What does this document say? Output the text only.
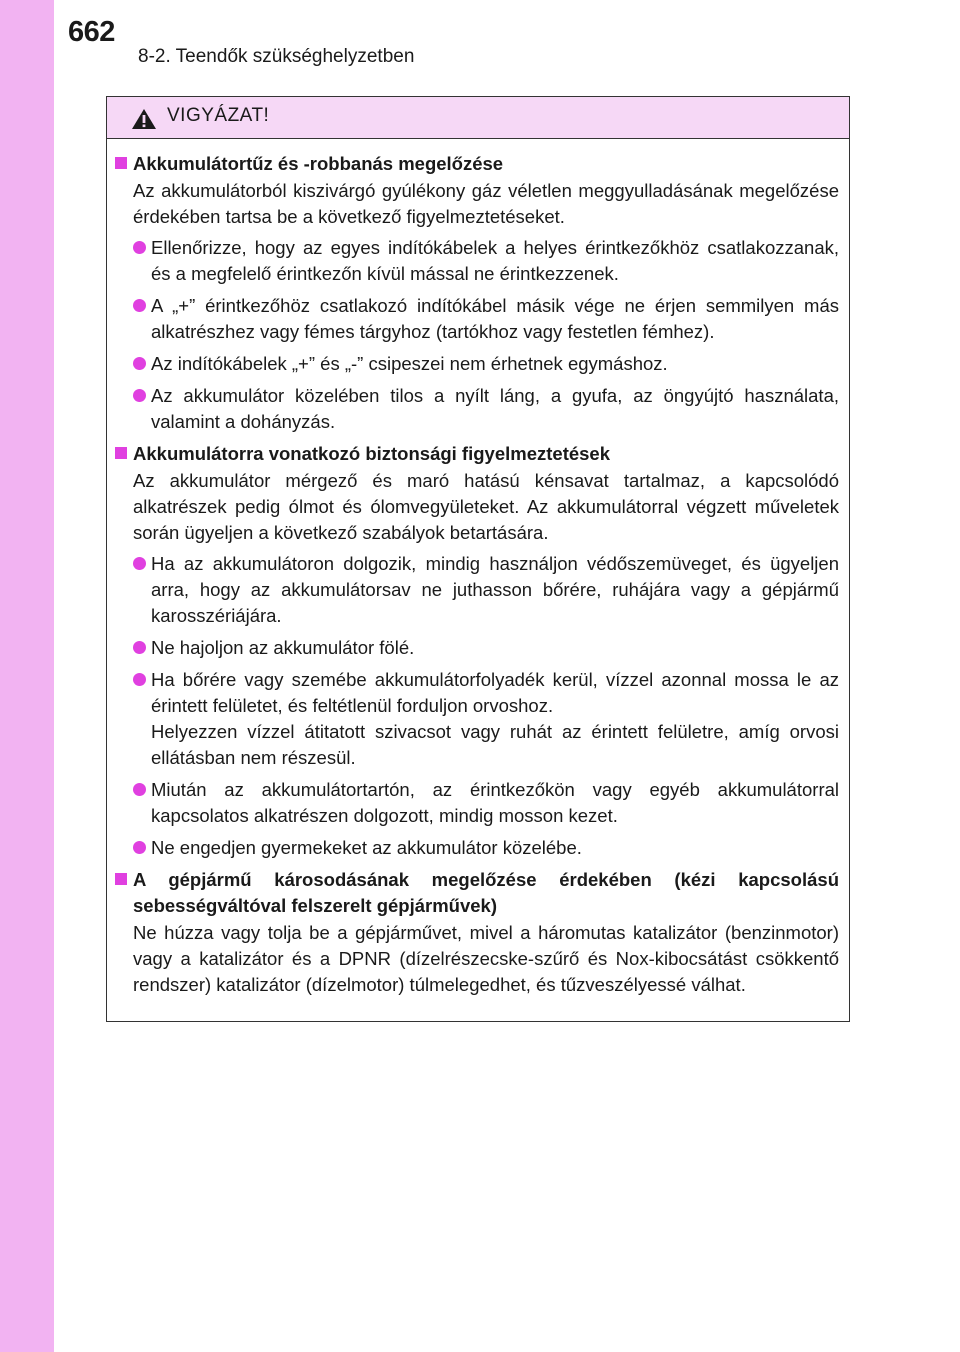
662
8-2. Teendők szükséghelyzetben
VIGYÁZAT!
Akkumulátortűz és -robbanás megelőzése
Az akkumulátorból kiszivárgó gyúlékony gáz véletlen meggyulladásának megelőzése érdekében tartsa be a következő figyelmeztetéseket.
Ellenőrizze, hogy az egyes indítókábelek a helyes érintkezőkhöz csatlakozzanak, és a megfelelő érintkezőn kívül mással ne érintkezzenek.
A „+” érintkezőhöz csatlakozó indítókábel másik vége ne érjen semmilyen más alkatrészhez vagy fémes tárgyhoz (tartókhoz vagy festetlen fémhez).
Az indítókábelek „+” és „-” csipeszei nem érhetnek egymáshoz.
Az akkumulátor közelében tilos a nyílt láng, a gyufa, az öngyújtó használata, valamint a dohányzás.
Akkumulátorra vonatkozó biztonsági figyelmeztetések
Az akkumulátor mérgező és maró hatású kénsavat tartalmaz, a kapcsolódó alkatrészek pedig ólmot és ólomvegyületeket. Az akkumulátorral végzett műveletek során ügyeljen a következő szabályok betartására.
Ha az akkumulátoron dolgozik, mindig használjon védőszemüveget, és ügyeljen arra, hogy az akkumulátorsav ne juthasson bőrére, ruhájára vagy a gépjármű karosszériájára.
Ne hajoljon az akkumulátor fölé.
Ha bőrére vagy szemébe akkumulátorfolyadék kerül, vízzel azonnal mossa le az érintett felületet, és feltétlenül forduljon orvoshoz.
Helyezzen vízzel átitatott szivacsot vagy ruhát az érintett felületre, amíg orvosi ellátásban nem részesül.
Miután az akkumulátortartón, az érintkezőkön vagy egyéb akkumulátorral kapcsolatos alkatrészen dolgozott, mindig mosson kezet.
Ne engedjen gyermekeket az akkumulátor közelébe.
A gépjármű károsodásának megelőzése érdekében (kézi kapcsolású sebességváltóval felszerelt gépjárművek)
Ne húzza vagy tolja be a gépjárművet, mivel a háromutas katalizátor (benzinmotor) vagy a katalizátor és a DPNR (dízelrészecske-szűrő és Nox-kibocsátást csökkentő rendszer) katalizátor (dízelmotor) túlmelegedhet, és tűzveszélyessé válhat.
